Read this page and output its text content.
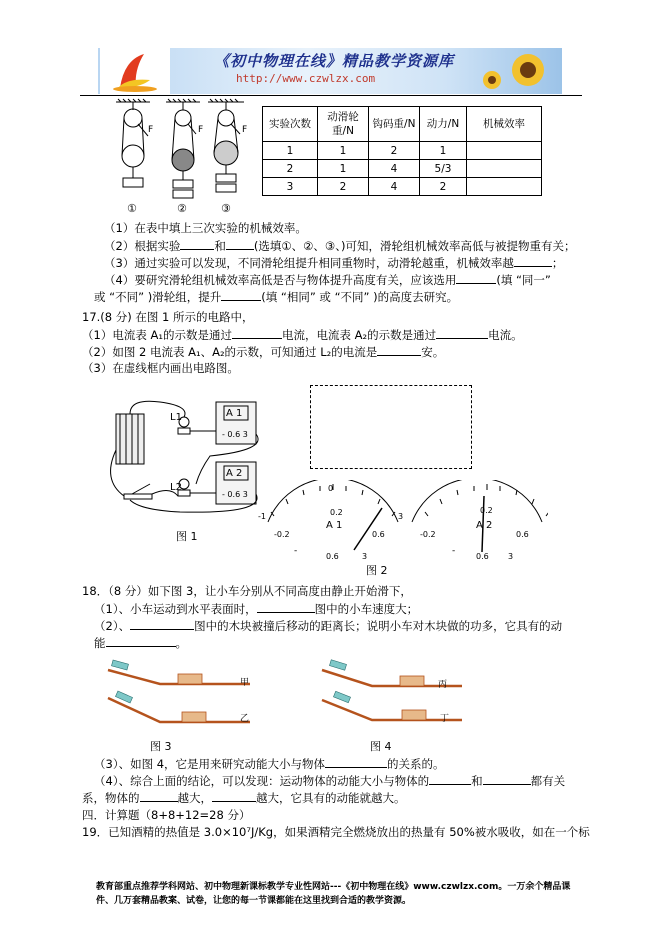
《初中物理在线》精品教学资源库
http://www.czwlzx.com
F	F	F
①	②	③
实验次数	动滑轮重/N	钩码重/N	动力/N	机械效率
1	1	2	1	
2	1	4	5/3	
3	2	4	2	
（1）在表中填上三次实验的机械效率。
（2）根据实验	和 (选填①、②、③、)可知，滑轮组机械效率高低与被提物重有关；
（3）通过实验可以发现，不同滑轮组提升相同重物时，动滑轮越重，机械效率越	；
（4）要研究滑轮组机械效率高低是否与物体提升高度有关，应该选用	(填 “同一”
或 “不同” )滑轮组，提升	(填 “相同” 或 “不同” )的高度去研究。
17.(8 分) 在图 1 所示的电路中，
（1）电流表 A₁的示数是通过	电流，电流表 A₂的示数是通过	电流。
（2）如图 2 电流表 A₁、A₂的示数，可知通过 L₂的电流是	安。
（3）在虚线框内画出电路图。
A 1
A 2
L1
L2
- 0.6 3
- 0.6 3
图 1
-1
0
3
-0.2
0.2
0.6
A 1
-
0.6	3
-0.2
0.2
0.6
A 2
-
0.6 3
图 2
18．（8 分）如下图 3，让小车分别从不同高度由静止开始滑下，
（1）、小车运动到水平表面时，	图中的小车速度大；
（2）、	图中的木块被撞后移动的距离长；说明小车对木块做的功多，它具有的动
能	。
甲
乙
丙
丁
图 3	图 4
（3）、如图 4，它是用来研究动能大小与物体	的关系的。
（4）、综合上面的结论，可以发现：运动物体的动能大小与物体的	和	都有关
系，物体的	越大，	越大，它具有的动能就越大。
四．计算题（8+8+12=28 分）
19．已知酒精的热值是 3.0×10⁷J/Kg，如果酒精完全燃烧放出的热量有 50%被水吸收，如在一个标
教育部重点推荐学科网站、初中物理新课标教学专业性网站---《初中物理在线》www.czwlzx.com。一万余个精品课件、几万套精品教案、试卷，让您的每一节课都能在这里找到合适的教学资源。
